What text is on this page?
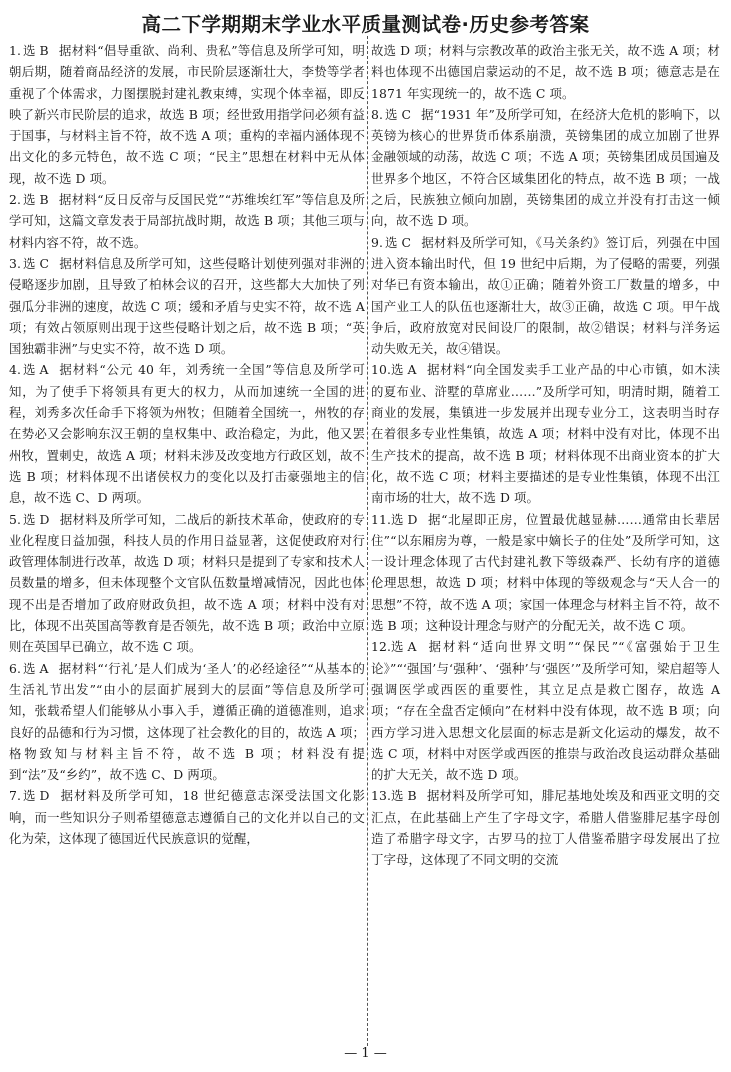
高二下学期期末学业水平质量测试卷·历史参考答案

1. 选 B 据材料“倡导重欲、尚利、贵私”等信息及所学可知，明朝后期，随着商品经济的发展，市民阶层逐渐壮大，李贽等学者重视了个体需求，力图摆脱封建礼教束缚，实现个体幸福，即反映了新兴市民阶层的追求，故选 B 项；经世致用指学问必须有益于国事，与材料主旨不符，故不选 A 项；重构的幸福内涵体现不出文化的多元特色，故不选 C 项；“民主”思想在材料中无从体现，故不选 D 项。

2. 选 B 据材料“反日反帝与反国民党”“苏维埃红军”等信息及所学可知，这篇文章发表于局部抗战时期，故选 B 项；其他三项与材料内容不符，故不选。

3. 选 C 据材料信息及所学可知，这些侵略计划使列强对非洲的侵略逐步加剧，且导致了柏林会议的召开，这些都大大加快了列强瓜分非洲的速度，故选 C 项；缓和矛盾与史实不符，故不选 A 项；有效占领原则出现于这些侵略计划之后，故不选 B 项；“英国独霸非洲”与史实不符，故不选 D 项。

4. 选 A 据材料“公元 40 年，刘秀统一全国”等信息及所学可知，为了使手下将领具有更大的权力，从而加速统一全国的进程，刘秀多次任命手下将领为州牧；但随着全国统一，州牧的存在势必又会影响东汉王朝的皇权集中、政治稳定，为此，他又罢州牧，置刺史，故选 A 项；材料未涉及改变地方行政区划，故不选 B 项；材料体现不出诸侯权力的变化以及打击豪强地主的信息，故不选 C、D 两项。

5. 选 D 据材料及所学可知，二战后的新技术革命，使政府的专业化程度日益加强，科技人员的作用日益显著，这促使政府对行政管理体制进行改革，故选 D 项；材料只是提到了专家和技术人员数量的增多，但未体现整个文官队伍数量增减情况，因此也体现不出是否增加了政府财政负担，故不选 A 项；材料中没有对比，体现不出英国高等教育是否领先，故不选 B 项；政治中立原则在英国早已确立，故不选 C 项。

6. 选 A 据材料“‘行礼’是人们成为‘圣人’的必经途径”“从基本的生活礼节出发”“由小的层面扩展到大的层面”等信息及所学可知，张载希望人们能够从小事入手，遵循正确的道德准则，追求良好的品德和行为习惯，这体现了社会教化的目的，故选 A 项；格物致知与材料主旨不符，故不选 B 项；材料没有提到“法”及“乡约”，故不选 C、D 两项。

7. 选 D 据材料及所学可知，18 世纪德意志深受法国文化影响，而一些知识分子则希望德意志遵循自己的文化并以自己的文化为荣，这体现了德国近代民族意识的觉醒，

故选 D 项；材料与宗教改革的政治主张无关，故不选 A 项；材料也体现不出德国启蒙运动的不足，故不选 B 项；德意志是在 1871 年实现统一的，故不选 C 项。

8. 选 C 据“1931 年”及所学可知，在经济大危机的影响下，以英镑为核心的世界货币体系崩溃，英镑集团的成立加剧了世界金融领域的动荡，故选 C 项；不选 A 项；英镑集团成员国遍及世界多个地区，不符合区域集团化的特点，故不选 B 项；一战之后，民族独立倾向加剧，英镑集团的成立并没有打击这一倾向，故不选 D 项。

9. 选 C 据材料及所学可知，《马关条约》签订后，列强在中国进入资本输出时代，但 19 世纪中后期，为了侵略的需要，列强对华已有资本输出，故①正确；随着外资工厂数量的增多，中国产业工人的队伍也逐渐壮大，故③正确，故选 C 项。甲午战争后，政府放宽对民间设厂的限制，故②错误；材料与洋务运动失败无关，故④错误。

10.选 A 据材料“向全国发卖手工业产品的中心市镇，如木渎的夏布业、浒墅的草席业……”及所学可知，明清时期，随着工商业的发展，集镇进一步发展并出现专业分工，这表明当时存在着很多专业性集镇，故选 A 项；材料中没有对比，体现不出生产技术的提高，故不选 B 项；材料体现不出商业资本的扩大化，故不选 C 项；材料主要描述的是专业性集镇，体现不出江南市场的壮大，故不选 D 项。

11.选 D 据“北屋即正房，位置最优越显赫……通常由长辈居住”“以东厢房为尊，一般是家中嫡长子的住处”及所学可知，这一设计理念体现了古代封建礼教下等级森严、长幼有序的道德伦理思想，故选 D 项；材料中体现的等级观念与“天人合一的思想”不符，故不选 A 项；家国一体理念与材料主旨不符，故不选 B 项；这种设计理念与财产的分配无关，故不选 C 项。

12.选 A 据材料“适向世界文明”“保民”“《富强始于卫生论》”“‘强国’与‘强种’、‘强种’与‘强医’”及所学可知，梁启超等人强调医学或西医的重要性，其立足点是救亡图存，故选 A 项；“存在全盘否定倾向”在材料中没有体现，故不选 B 项；向西方学习进入思想文化层面的标志是新文化运动的爆发，故不选 C 项，材料中对医学或西医的推崇与政治改良运动群众基础的扩大无关，故不选 D 项。

13.选 B 据材料及所学可知，腓尼基地处埃及和西亚文明的交汇点，在此基础上产生了字母文字，希腊人借鉴腓尼基字母创造了希腊字母文字，古罗马的拉丁人借鉴希腊字母发展出了拉丁字母，这体现了不同文明的交流

— 1 —
